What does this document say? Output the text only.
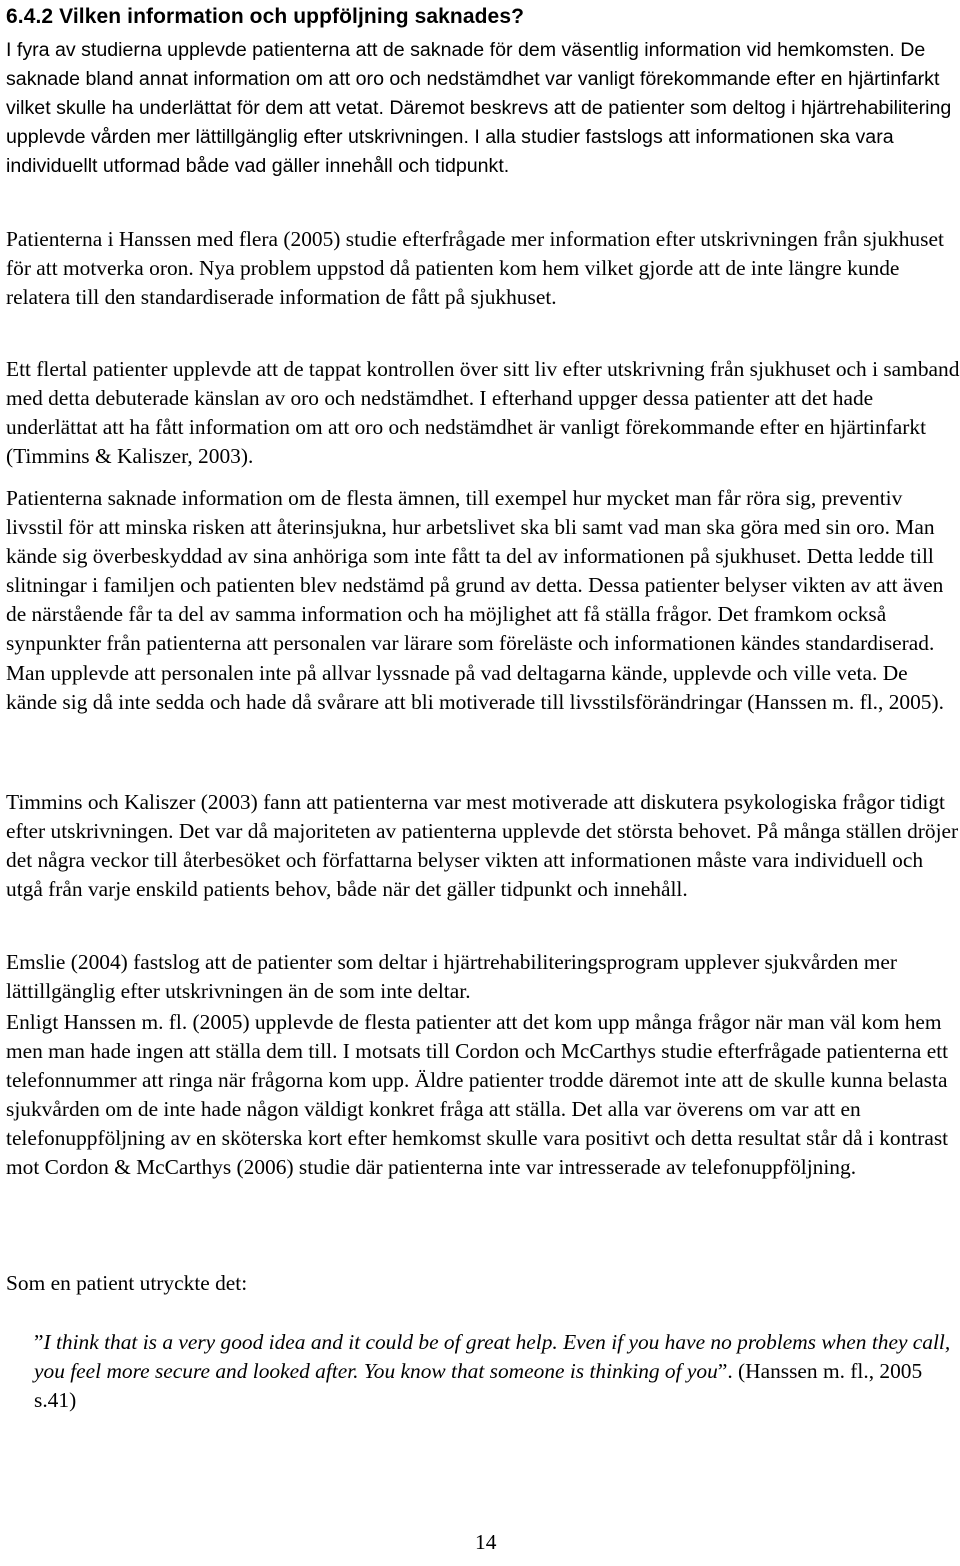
6.4.2 Vilken information och uppföljning saknades?

I fyra av studierna upplevde patienterna att de saknade för dem väsentlig information vid hemkomsten. De saknade bland annat information om att oro och nedstämdhet var vanligt förekommande efter en hjärtinfarkt vilket skulle ha underlättat för dem att vetat. Däremot beskrevs att de patienter som deltog i hjärtrehabilitering upplevde vården mer lättillgänglig efter utskrivningen. I alla studier fastslogs att informationen ska vara individuellt utformad både vad gäller innehåll och tidpunkt.

Patienterna i Hanssen med flera (2005) studie efterfrågade mer information efter utskrivningen från sjukhuset för att motverka oron. Nya problem uppstod då patienten kom hem vilket gjorde att de inte längre kunde relatera till den standardiserade information de fått på sjukhuset.

Ett flertal patienter upplevde att de tappat kontrollen över sitt liv efter utskrivning från sjukhuset och i samband med detta debuterade känslan av oro och nedstämdhet. I efterhand uppger dessa patienter att det hade underlättat att ha fått information om att oro och nedstämdhet är vanligt förekommande efter en hjärtinfarkt (Timmins & Kaliszer, 2003).

Patienterna saknade information om de flesta ämnen, till exempel hur mycket man får röra sig, preventiv livsstil för att minska risken att återinsjukna, hur arbetslivet ska bli samt vad man ska göra med sin oro. Man kände sig överbeskyddad av sina anhöriga som inte fått ta del av informationen på sjukhuset. Detta ledde till slitningar i familjen och patienten blev nedstämd på grund av detta. Dessa patienter belyser vikten av att även de närstående får ta del av samma information och ha möjlighet att få ställa frågor. Det framkom också synpunkter från patienterna att personalen var lärare som föreläste och informationen kändes standardiserad. Man upplevde att personalen inte på allvar lyssnade på vad deltagarna kände, upplevde och ville veta. De kände sig då inte sedda och hade då svårare att bli motiverade till livsstilsförändringar (Hanssen m. fl., 2005).

Timmins och Kaliszer (2003) fann att patienterna var mest motiverade att diskutera psykologiska frågor tidigt efter utskrivningen. Det var då majoriteten av patienterna upplevde det största behovet. På många ställen dröjer det några veckor till återbesöket och författarna belyser vikten att informationen måste vara individuell och utgå från varje enskild patients behov, både när det gäller tidpunkt och innehåll.

Emslie (2004) fastslog att de patienter som deltar i hjärtrehabiliteringsprogram upplever sjukvården mer lättillgänglig efter utskrivningen än de som inte deltar.

Enligt Hanssen m. fl. (2005) upplevde de flesta patienter att det kom upp många frågor när man väl kom hem men man hade ingen att ställa dem till. I motsats till Cordon och McCarthys studie efterfrågade patienterna ett telefonnummer att ringa när frågorna kom upp. Äldre patienter trodde däremot inte att de skulle kunna belasta sjukvården om de inte hade någon väldigt konkret fråga att ställa. Det alla var överens om var att en telefonuppföljning av en sköterska kort efter hemkomst skulle vara positivt och detta resultat står då i kontrast mot Cordon & McCarthys (2006) studie där patienterna inte var intresserade av telefonuppföljning.

Som en patient utryckte det:

”I think that is a very good idea and it could be of great help. Even if you have no problems when they call, you feel more secure and looked after. You know that someone is thinking of you”. (Hanssen m. fl., 2005 s.41)

14
